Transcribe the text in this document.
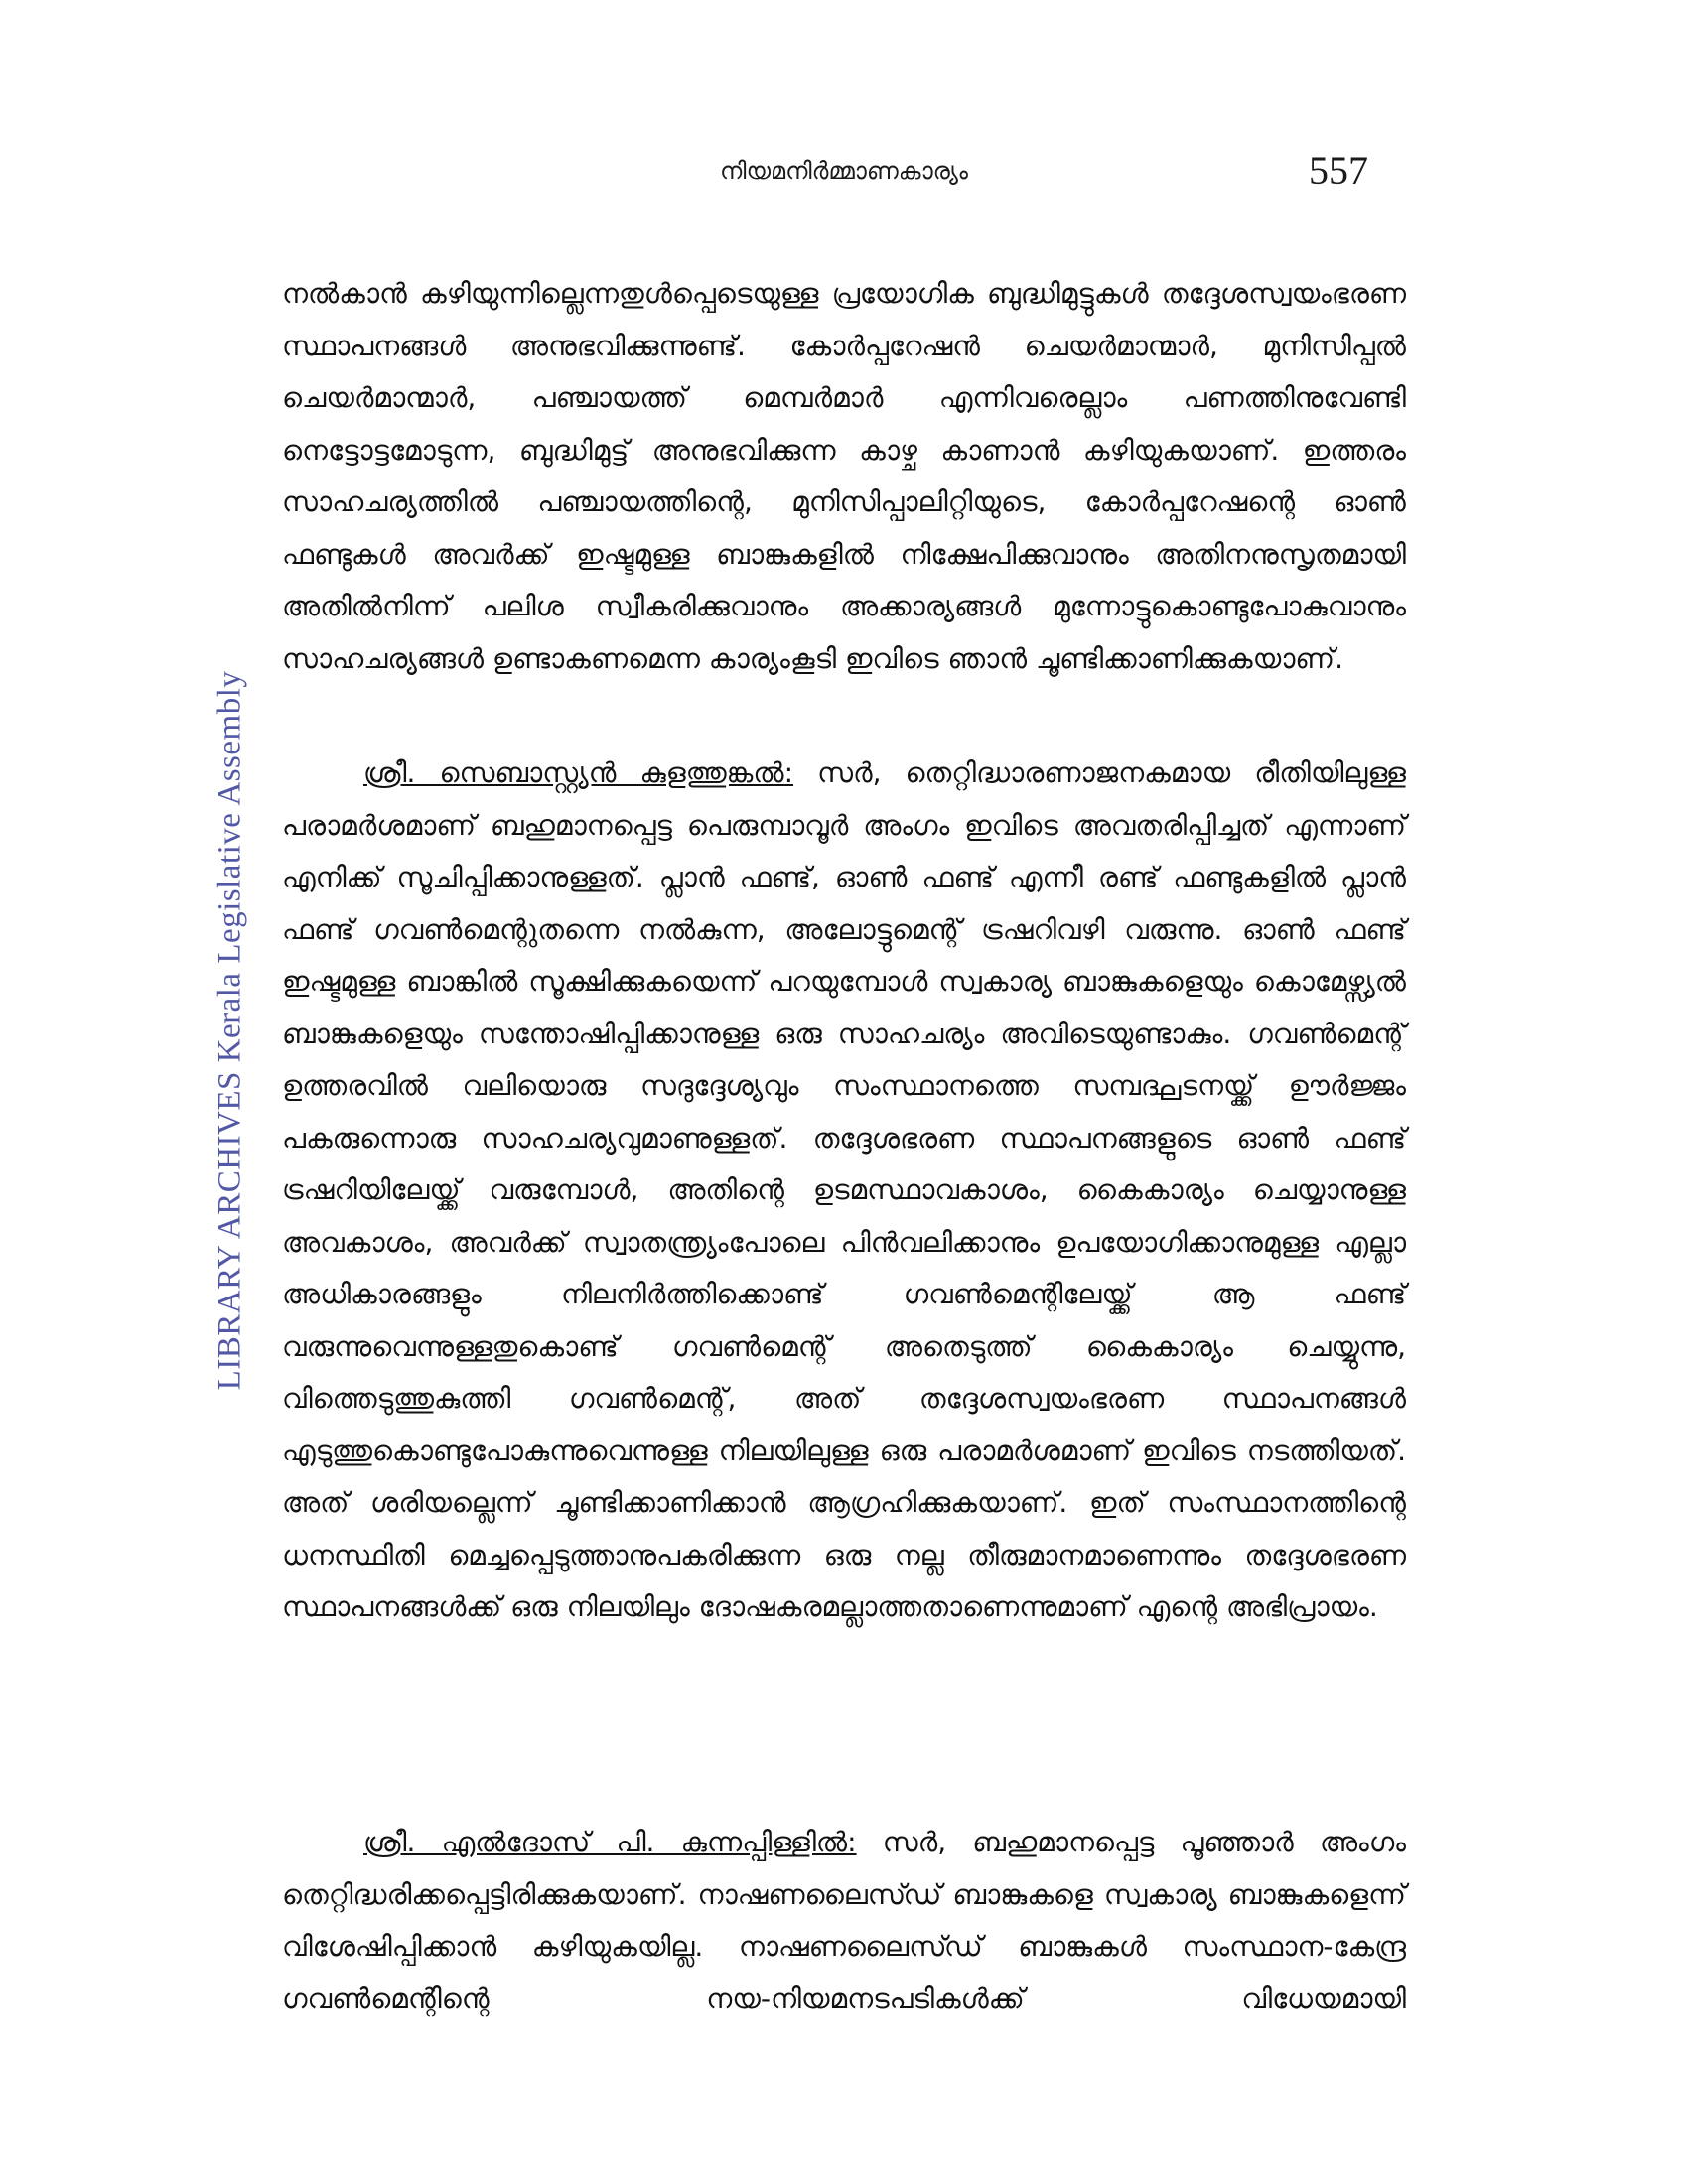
നിയമനിർമ്മാണകാര്യം	557
LIBRARY ARCHIVES Kerala Legislative Assembly

നൽകാൻ കഴിയുന്നില്ലെന്നതുൾപ്പെടെയുള്ള പ്രയോഗിക ബുദ്ധിമുട്ടുകൾ തദ്ദേശസ്വയംഭരണ സ്ഥാപനങ്ങൾ അനുഭവിക്കുന്നുണ്ട്. കോർപ്പറേഷൻ ചെയർമാന്മാർ, മുനിസിപ്പൽ ചെയർമാന്മാർ, പഞ്ചായത്ത് മെമ്പർമാർ എന്നിവരെല്ലാം പണത്തിനുവേണ്ടി നെട്ടോട്ടമോടുന്ന, ബുദ്ധിമുട്ട് അനുഭവിക്കുന്ന കാഴ്ച കാണാൻ കഴിയുകയാണ്. ഇത്തരം സാഹചര്യത്തിൽ പഞ്ചായത്തിന്റെ, മുനിസിപ്പാലിറ്റിയുടെ, കോർപ്പറേഷന്റെ ഓൺ ഫണ്ടുകൾ അവർക്ക് ഇഷ്ടമുള്ള ബാങ്കുകളിൽ നിക്ഷേപിക്കുവാനും അതിനനുസൃതമായി അതിൽനിന്ന് പലിശ സ്വീകരിക്കുവാനും അക്കാര്യങ്ങൾ മുന്നോട്ടുകൊണ്ടുപോകുവാനും സാഹചര്യങ്ങൾ ഉണ്ടാകണമെന്ന കാര്യംകൂടി ഇവിടെ ഞാൻ ചൂണ്ടിക്കാണിക്കുകയാണ്.

ശ്രീ. സെബാസ്റ്റ്യൻ കുളത്തുങ്കൽ: സർ, തെറ്റിദ്ധാരണാജനകമായ രീതിയിലുള്ള പരാമർശമാണ് ബഹുമാനപ്പെട്ട പെരുമ്പാവൂർ അംഗം ഇവിടെ അവതരിപ്പിച്ചത് എന്നാണ് എനിക്ക് സൂചിപ്പിക്കാനുള്ളത്. പ്ലാൻ ഫണ്ട്, ഓൺ ഫണ്ട് എന്നീ രണ്ട് ഫണ്ടുകളിൽ പ്ലാൻ ഫണ്ട് ഗവൺമെന്റുതന്നെ നൽകുന്ന, അലോട്ടുമെന്റ് ട്രഷറിവഴി വരുന്നു. ഓൺ ഫണ്ട് ഇഷ്ടമുള്ള ബാങ്കിൽ സൂക്ഷിക്കുകയെന്ന് പറയുമ്പോൾ സ്വകാര്യ ബാങ്കുകളെയും കൊമേഴ്സ്യൽ ബാങ്കുകളെയും സന്തോഷിപ്പിക്കാനുള്ള ഒരു സാഹചര്യം അവിടെയുണ്ടാകും. ഗവൺമെന്റ് ഉത്തരവിൽ വലിയൊരു സദുദ്ദേശ്യവും സംസ്ഥാനത്തെ സമ്പദ്ഘടനയ്ക്ക് ഊർജ്ജം പകരുന്നൊരു സാഹചര്യവുമാണുള്ളത്. തദ്ദേശഭരണ സ്ഥാപനങ്ങളുടെ ഓൺ ഫണ്ട് ട്രഷറിയിലേയ്ക്ക് വരുമ്പോൾ, അതിന്റെ ഉടമസ്ഥാവകാശം, കൈകാര്യം ചെയ്യാനുള്ള അവകാശം, അവർക്ക് സ്വാതന്ത്ര്യംപോലെ പിൻവലിക്കാനും ഉപയോഗിക്കാനുമുള്ള എല്ലാ അധികാരങ്ങളും നിലനിർത്തിക്കൊണ്ട് ഗവൺമെന്റിലേയ്ക്ക് ആ ഫണ്ട് വരുന്നുവെന്നുള്ളതുകൊണ്ട് ഗവൺമെന്റ് അതെടുത്ത് കൈകാര്യം ചെയ്യുന്നു, വിത്തെടുത്തുകുത്തി ഗവൺമെന്റ്, അത് തദ്ദേശസ്വയംഭരണ സ്ഥാപനങ്ങൾ എടുത്തുകൊണ്ടുപോകുന്നുവെന്നുള്ള നിലയിലുള്ള ഒരു പരാമർശമാണ് ഇവിടെ നടത്തിയത്. അത് ശരിയല്ലെന്ന് ചൂണ്ടിക്കാണിക്കാൻ ആഗ്രഹിക്കുകയാണ്. ഇത് സംസ്ഥാനത്തിന്റെ ധനസ്ഥിതി മെച്ചപ്പെടുത്താനുപകരിക്കുന്ന ഒരു നല്ല തീരുമാനമാണെന്നും തദ്ദേശഭരണ സ്ഥാപനങ്ങൾക്ക് ഒരു നിലയിലും ദോഷകരമല്ലാത്തതാണെന്നുമാണ് എന്റെ അഭിപ്രായം.

ശ്രീ. എൽദോസ് പി. കുന്നപ്പിള്ളിൽ: സർ, ബഹുമാനപ്പെട്ട പൂഞ്ഞാർ അംഗം തെറ്റിദ്ധരിക്കപ്പെട്ടിരിക്കുകയാണ്. നാഷണലൈസ്ഡ് ബാങ്കുകളെ സ്വകാര്യ ബാങ്കുകളെന്ന് വിശേഷിപ്പിക്കാൻ കഴിയുകയില്ല. നാഷണലൈസ്ഡ് ബാങ്കുകൾ സംസ്ഥാന-കേന്ദ്ര ഗവൺമെന്റിന്റെ നയ-നിയമനടപടികൾക്ക് വിധേയമായി
